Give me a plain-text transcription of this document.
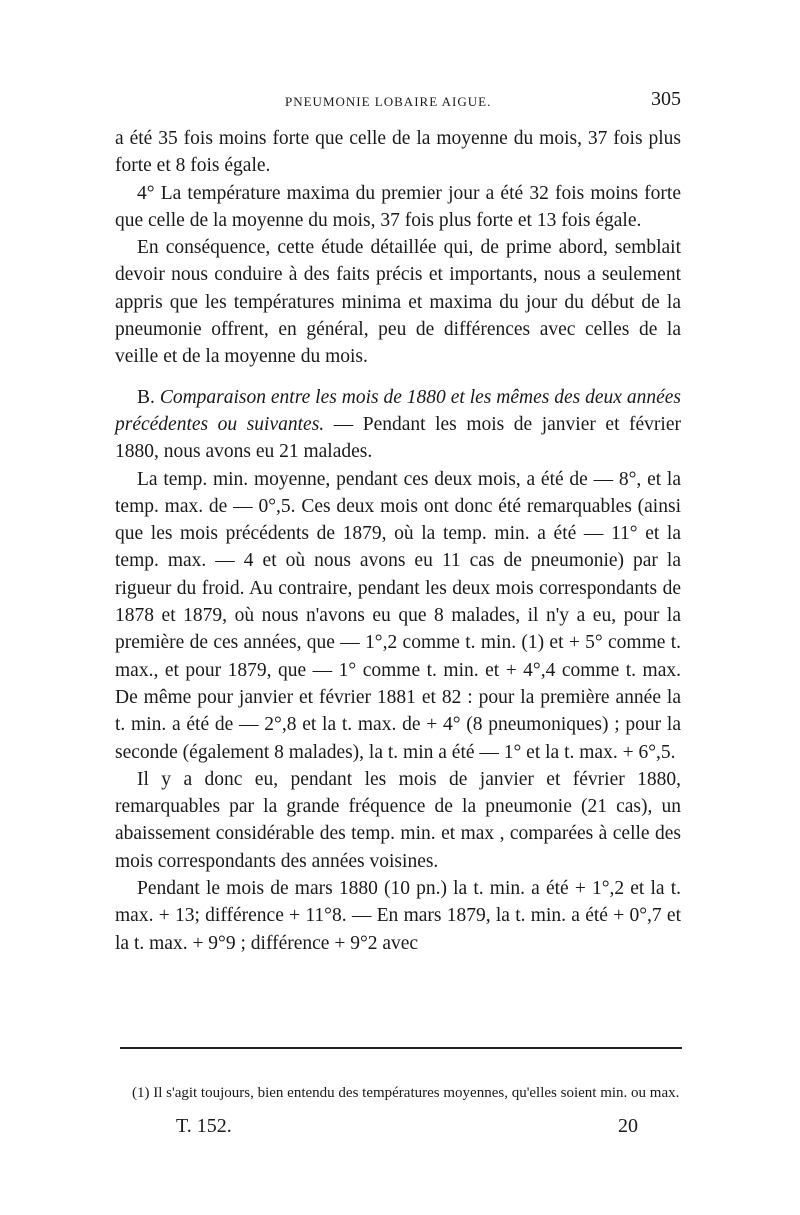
PNEUMONIE LOBAIRE AIGUE.	305

a été 35 fois moins forte que celle de la moyenne du mois, 37 fois plus forte et 8 fois égale.

4° La température maxima du premier jour a été 32 fois moins forte que celle de la moyenne du mois, 37 fois plus forte et 13 fois égale.

En conséquence, cette étude détaillée qui, de prime abord, semblait devoir nous conduire à des faits précis et importants, nous a seulement appris que les températures minima et maxima du jour du début de la pneumonie offrent, en général, peu de différences avec celles de la veille et de la moyenne du mois.

B. Comparaison entre les mois de 1880 et les mêmes des deux années précédentes ou suivantes. — Pendant les mois de janvier et février 1880, nous avons eu 21 malades.

La temp. min. moyenne, pendant ces deux mois, a été de — 8°, et la temp. max. de — 0°,5. Ces deux mois ont donc été remarquables (ainsi que les mois précédents de 1879, où la temp. min. a été — 11° et la temp. max. — 4 et où nous avons eu 11 cas de pneumonie) par la rigueur du froid. Au contraire, pendant les deux mois correspondants de 1878 et 1879, où nous n'avons eu que 8 malades, il n'y a eu, pour la première de ces années, que — 1°,2 comme t. min. (1) et + 5° comme t. max., et pour 1879, que — 1° comme t. min. et + 4°,4 comme t. max. De même pour janvier et février 1881 et 82 : pour la première année la t. min. a été de — 2°,8 et la t. max. de + 4° (8 pneumoniques) ; pour la seconde (également 8 malades), la t. min a été — 1° et la t. max. + 6°,5.

Il y a donc eu, pendant les mois de janvier et février 1880, remarquables par la grande fréquence de la pneumonie (21 cas), un abaissement considérable des temp. min. et max , comparées à celle des mois correspondants des années voisines.

Pendant le mois de mars 1880 (10 pn.) la t. min. a été + 1°,2 et la t. max. + 13; différence + 11°8. — En mars 1879, la t. min. a été + 0°,7 et la t. max. + 9°9 ; différence + 9°2 avec

(1) Il s'agit toujours, bien entendu des températures moyennes, qu'elles soient min. ou max.

T. 152.	20
